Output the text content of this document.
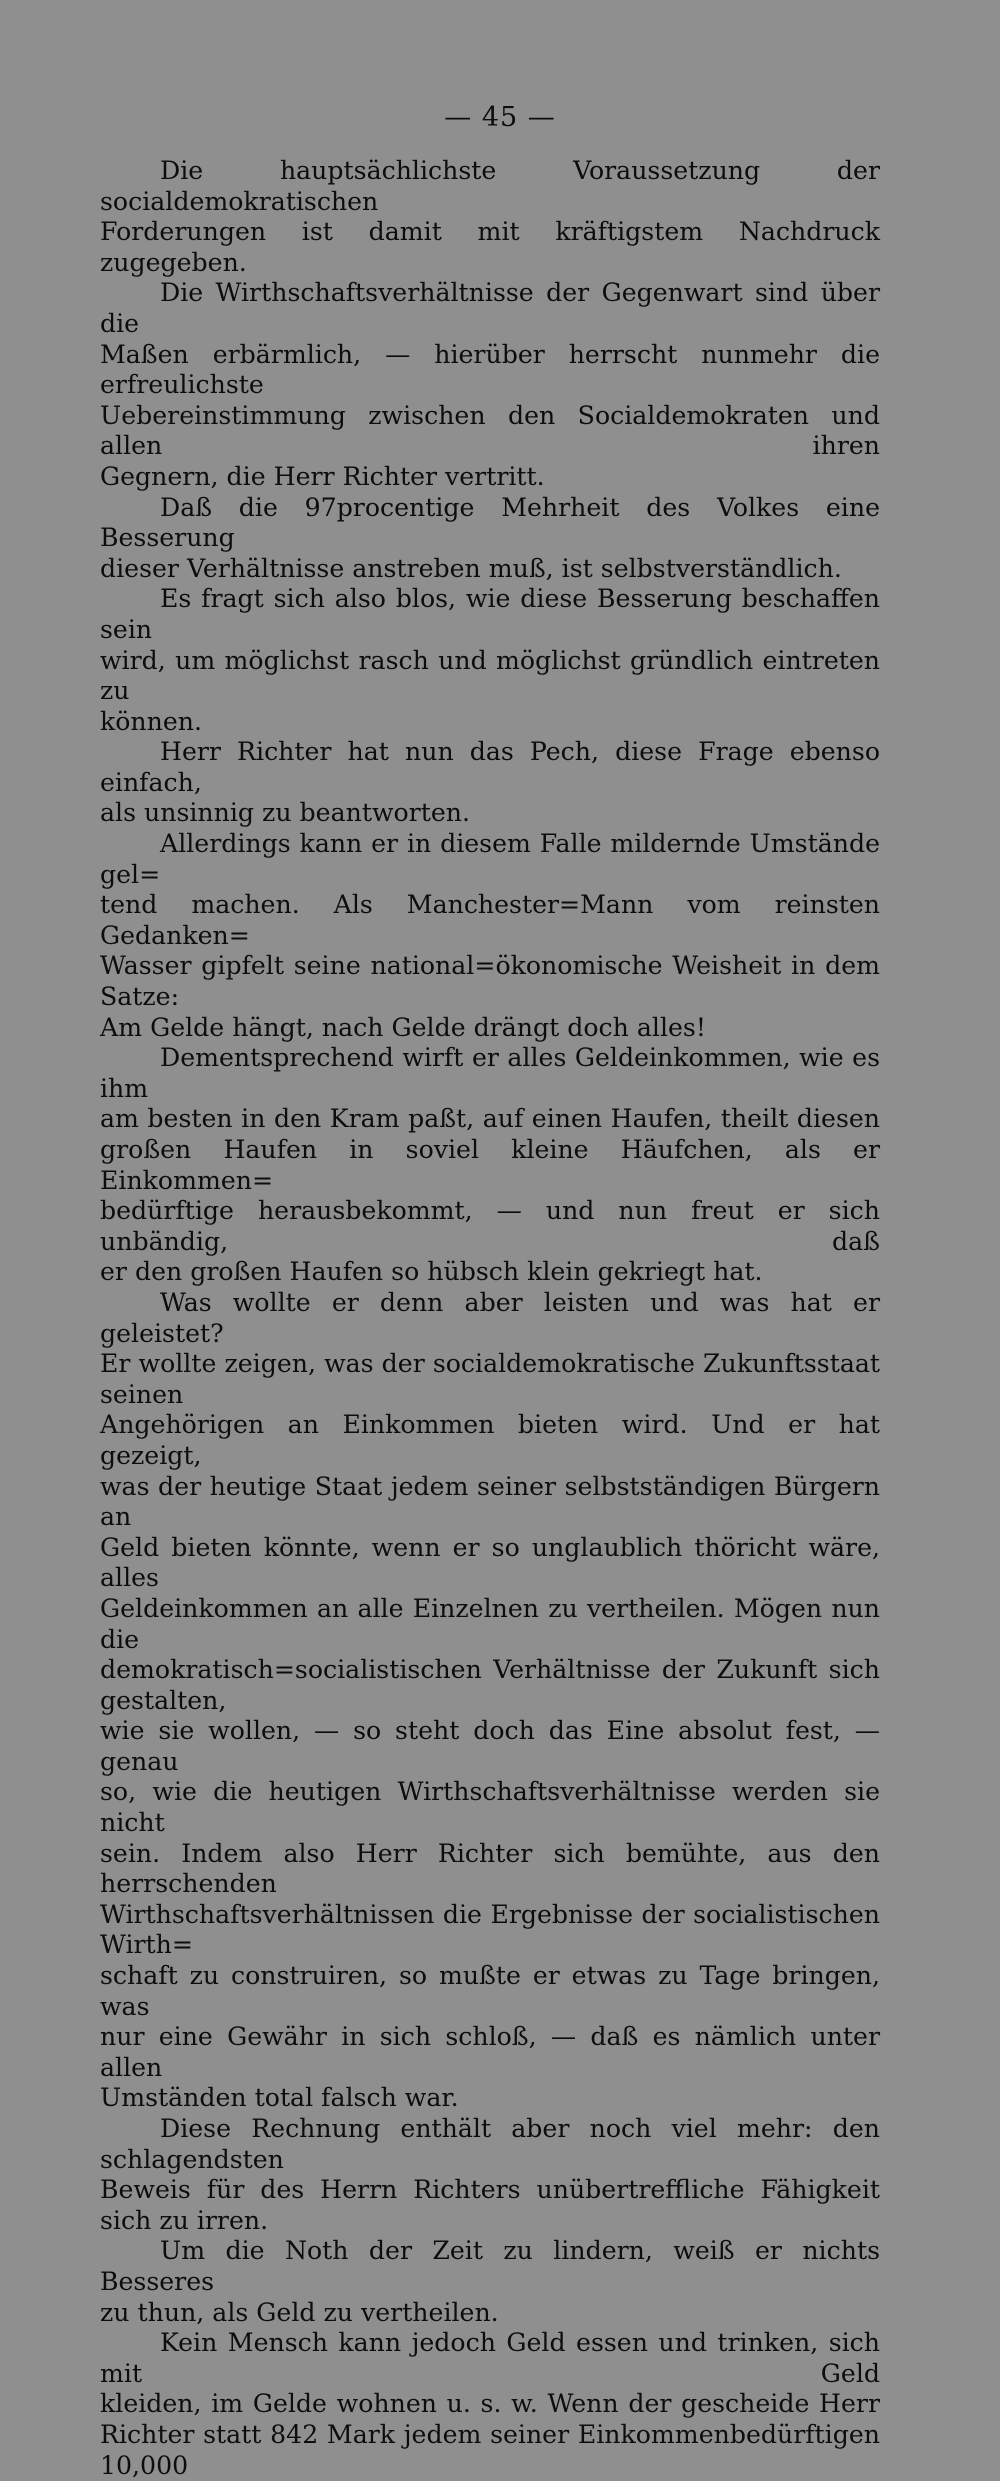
— 45 —
Die hauptsächlichste Voraussetzung der socialdemokratischen
Forderungen ist damit mit kräftigstem Nachdruck zugegeben.
Die Wirthschaftsverhältnisse der Gegenwart sind über die
Maßen erbärmlich, — hierüber herrscht nunmehr die erfreulichste
Uebereinstimmung zwischen den Socialdemokraten und allen ihren
Gegnern, die Herr Richter vertritt.
Daß die 97procentige Mehrheit des Volkes eine Besserung
dieser Verhältnisse anstreben muß, ist selbstverständlich.
Es fragt sich also blos, wie diese Besserung beschaffen sein
wird, um möglichst rasch und möglichst gründlich eintreten zu
können.
Herr Richter hat nun das Pech, diese Frage ebenso einfach,
als unsinnig zu beantworten.
Allerdings kann er in diesem Falle mildernde Umstände gel=
tend machen. Als Manchester=Mann vom reinsten Gedanken=
Wasser gipfelt seine national=ökonomische Weisheit in dem Satze:
Am Gelde hängt, nach Gelde drängt doch alles!
Dementsprechend wirft er alles Geldeinkommen, wie es ihm
am besten in den Kram paßt, auf einen Haufen, theilt diesen
großen Haufen in soviel kleine Häufchen, als er Einkommen=
bedürftige herausbekommt, — und nun freut er sich unbändig, daß
er den großen Haufen so hübsch klein gekriegt hat.
Was wollte er denn aber leisten und was hat er geleistet?
Er wollte zeigen, was der socialdemokratische Zukunftsstaat seinen
Angehörigen an Einkommen bieten wird. Und er hat gezeigt,
was der heutige Staat jedem seiner selbstständigen Bürgern an
Geld bieten könnte, wenn er so unglaublich thöricht wäre, alles
Geldeinkommen an alle Einzelnen zu vertheilen. Mögen nun die
demokratisch=socialistischen Verhältnisse der Zukunft sich gestalten,
wie sie wollen, — so steht doch das Eine absolut fest, — genau
so, wie die heutigen Wirthschaftsverhältnisse werden sie nicht
sein. Indem also Herr Richter sich bemühte, aus den herrschenden
Wirthschaftsverhältnissen die Ergebnisse der socialistischen Wirth=
schaft zu construiren, so mußte er etwas zu Tage bringen, was
nur eine Gewähr in sich schloß, — daß es nämlich unter allen
Umständen total falsch war.
Diese Rechnung enthält aber noch viel mehr: den schlagendsten
Beweis für des Herrn Richters unübertreffliche Fähigkeit sich zu irren.
Um die Noth der Zeit zu lindern, weiß er nichts Besseres
zu thun, als Geld zu vertheilen.
Kein Mensch kann jedoch Geld essen und trinken, sich mit Geld
kleiden, im Gelde wohnen u. s. w. Wenn der gescheide Herr
Richter statt 842 Mark jedem seiner Einkommenbedürftigen 10,000
